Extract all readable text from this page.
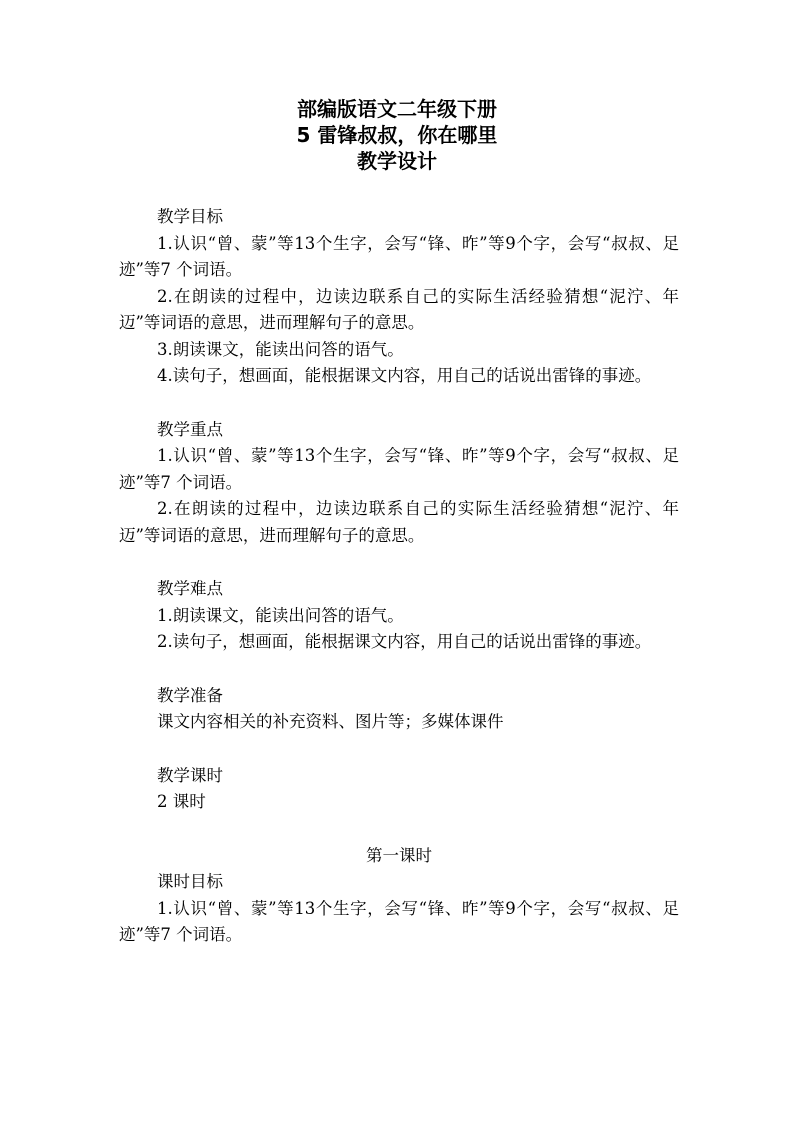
部编版语文二年级下册
5 雷锋叔叔，你在哪里
教学设计
教学目标
1.认识“曾、蒙”等13个生字，会写“锋、昨”等9个字，会写“叔叔、足迹”等7 个词语。
2.在朗读的过程中，边读边联系自己的实际生活经验猜想“泥泞、年迈”等词语的意思，进而理解句子的意思。
3.朗读课文，能读出问答的语气。
4.读句子，想画面，能根据课文内容，用自己的话说出雷锋的事迹。
教学重点
1.认识“曾、蒙”等13个生字，会写“锋、昨”等9个字，会写“叔叔、足迹”等7 个词语。
2.在朗读的过程中，边读边联系自己的实际生活经验猜想“泥泞、年迈”等词语的意思，进而理解句子的意思。
教学难点
1.朗读课文，能读出问答的语气。
2.读句子，想画面，能根据课文内容，用自己的话说出雷锋的事迹。
教学准备
课文内容相关的补充资料、图片等；多媒体课件
教学课时
2 课时
第一课时
课时目标
1.认识“曾、蒙”等13个生字，会写“锋、昨”等9个字，会写“叔叔、足迹”等7 个词语。
